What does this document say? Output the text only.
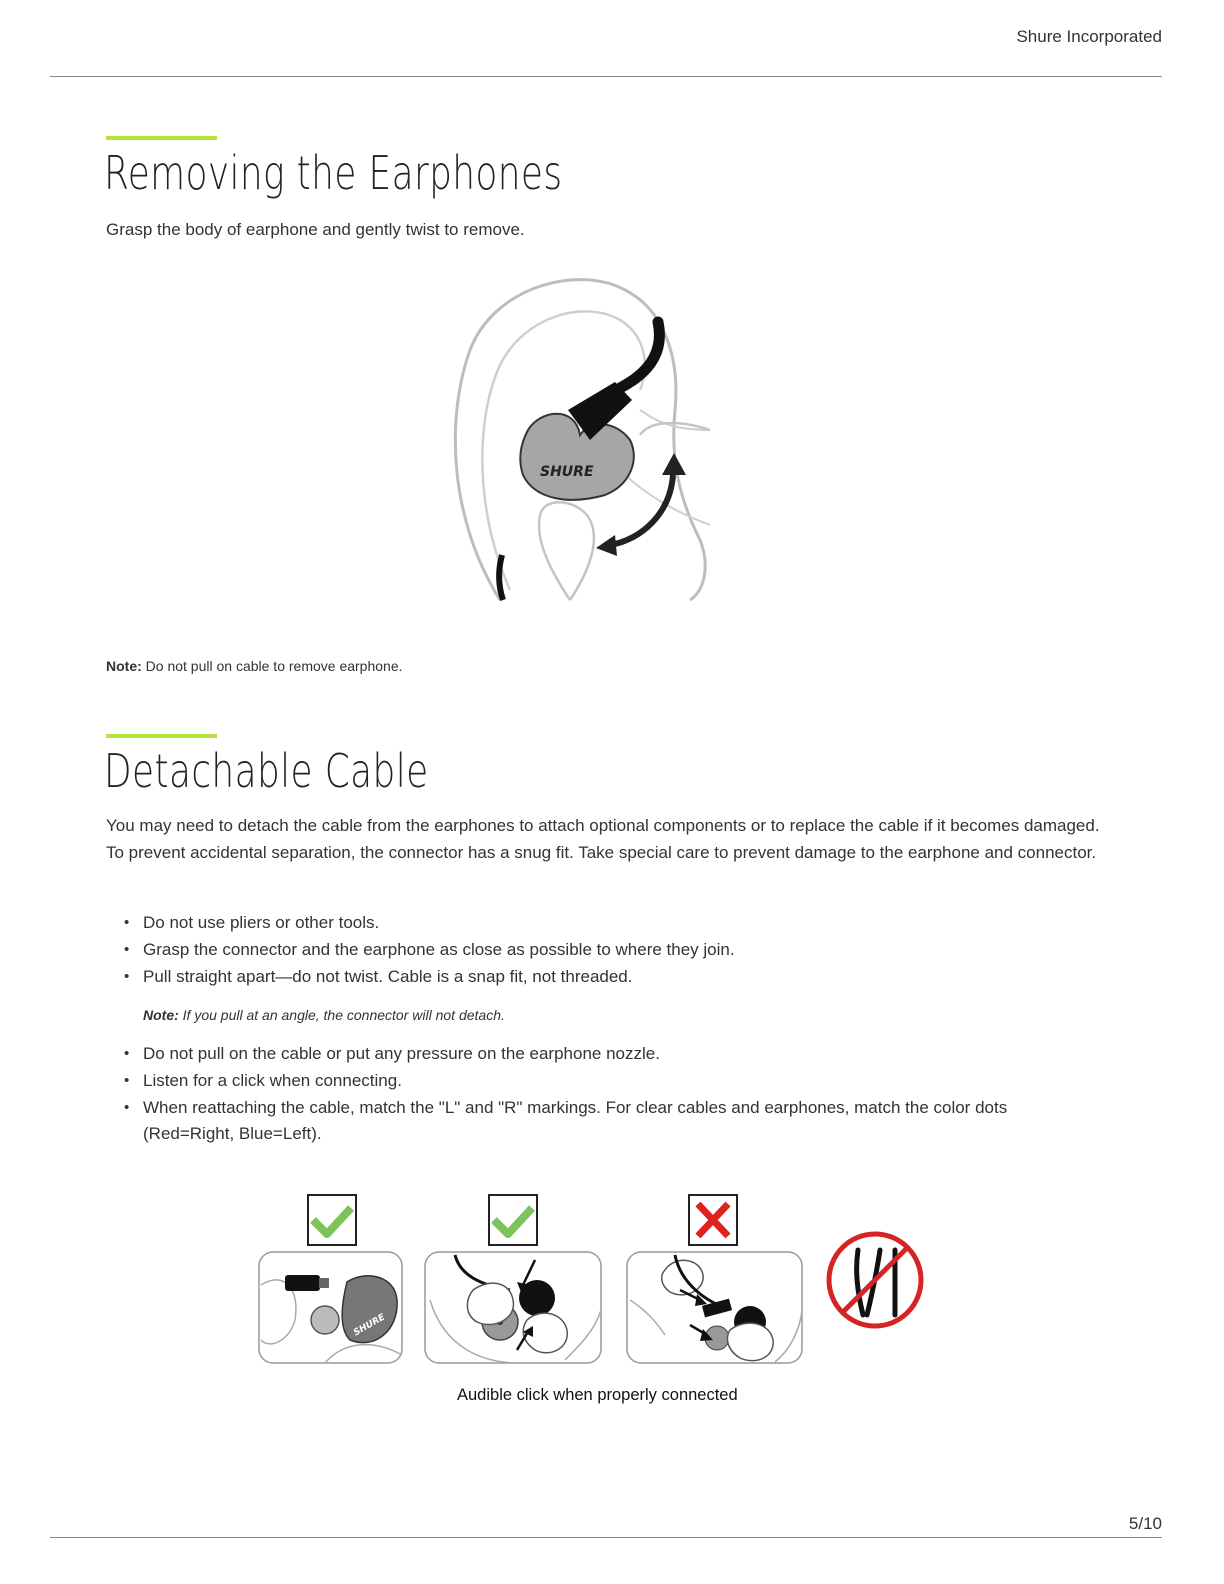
Shure Incorporated
Removing the Earphones

Grasp the body of earphone and gently twist to remove.

SHURE

Note: Do not pull on cable to remove earphone.

Detachable Cable

You may need to detach the cable from the earphones to attach optional components or to replace the cable if it becomes damaged. To prevent accidental separation, the connector has a snug fit. Take special care to prevent damage to the earphone and connector.

• Do not use pliers or other tools.
• Grasp the connector and the earphone as close as possible to where they join.
• Pull straight apart—do not twist. Cable is a snap fit, not threaded.

Note: If you pull at an angle, the connector will not detach.

• Do not pull on the cable or put any pressure on the earphone nozzle.
• Listen for a click when connecting.
• When reattaching the cable, match the "L" and "R" markings. For clear cables and earphones, match the color dots (Red=Right, Blue=Left).
SHURE
Audible click when properly connected
5/10
